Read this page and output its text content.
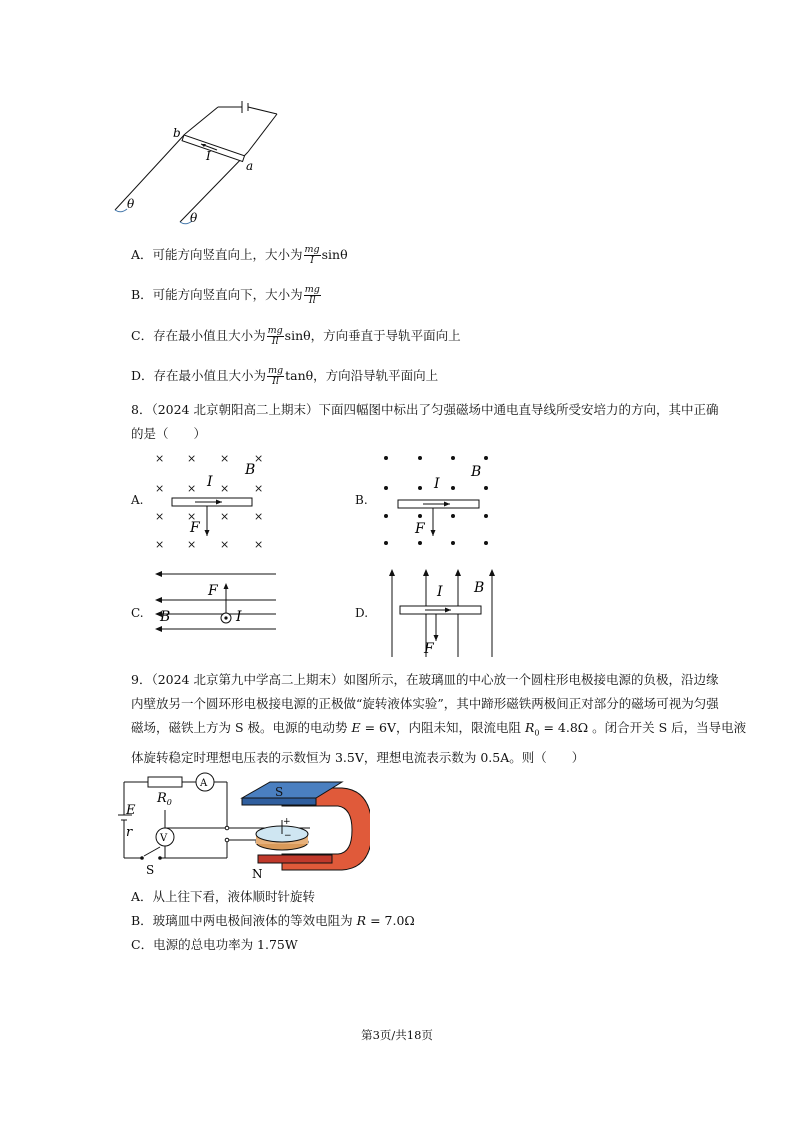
b
a
I
θ
θ
A．可能方向竖直向上，大小为 $\frac{mg}{I}$ sinθ
B．可能方向竖直向下，大小为 $\frac{mg}{Il}$
C．存在最小值且大小为 $\frac{mg}{Il}$ sinθ，方向垂直于导轨平面向上
D．存在最小值且大小为 $\frac{mg}{Il}$ tanθ，方向沿导轨平面向上
8．（2024 北京朝阳高二上期末）下面四幅图中标出了匀强磁场中通电直导线所受安培力的方向，其中正确
的是（　　）
A.
× × × ×
× × × ×
× × × ×
× × × ×
B
I
F
B.
B
I
F
C.
F
B	I	D.
I B
F
9．（2024 北京第九中学高二上期末）如图所示，在玻璃皿的中心放一个圆柱形电极接电源的负极，沿边缘
内壁放另一个圆环形电极接电源的正极做“旋转液体实验”，其中蹄形磁铁两极间正对部分的磁场可视为匀强
磁场，磁铁上方为 S 极。电源的电动势 E = 6V，内阻未知，限流电阻 $R_0 = 4.8\Omega$ 。闭合开关 S 后，当导电液
体旋转稳定时理想电压表的示数恒为 3.5V，理想电流表示数为 0.5A。则（　　）
E
r
$R_0$
A
V
S
S
N
+
−
A．从上往下看，液体顺时针旋转
B．玻璃皿中两电极间液体的等效电阻为 R = 7.0Ω
C．电源的总电功率为 1.75W
第3页/共18页
